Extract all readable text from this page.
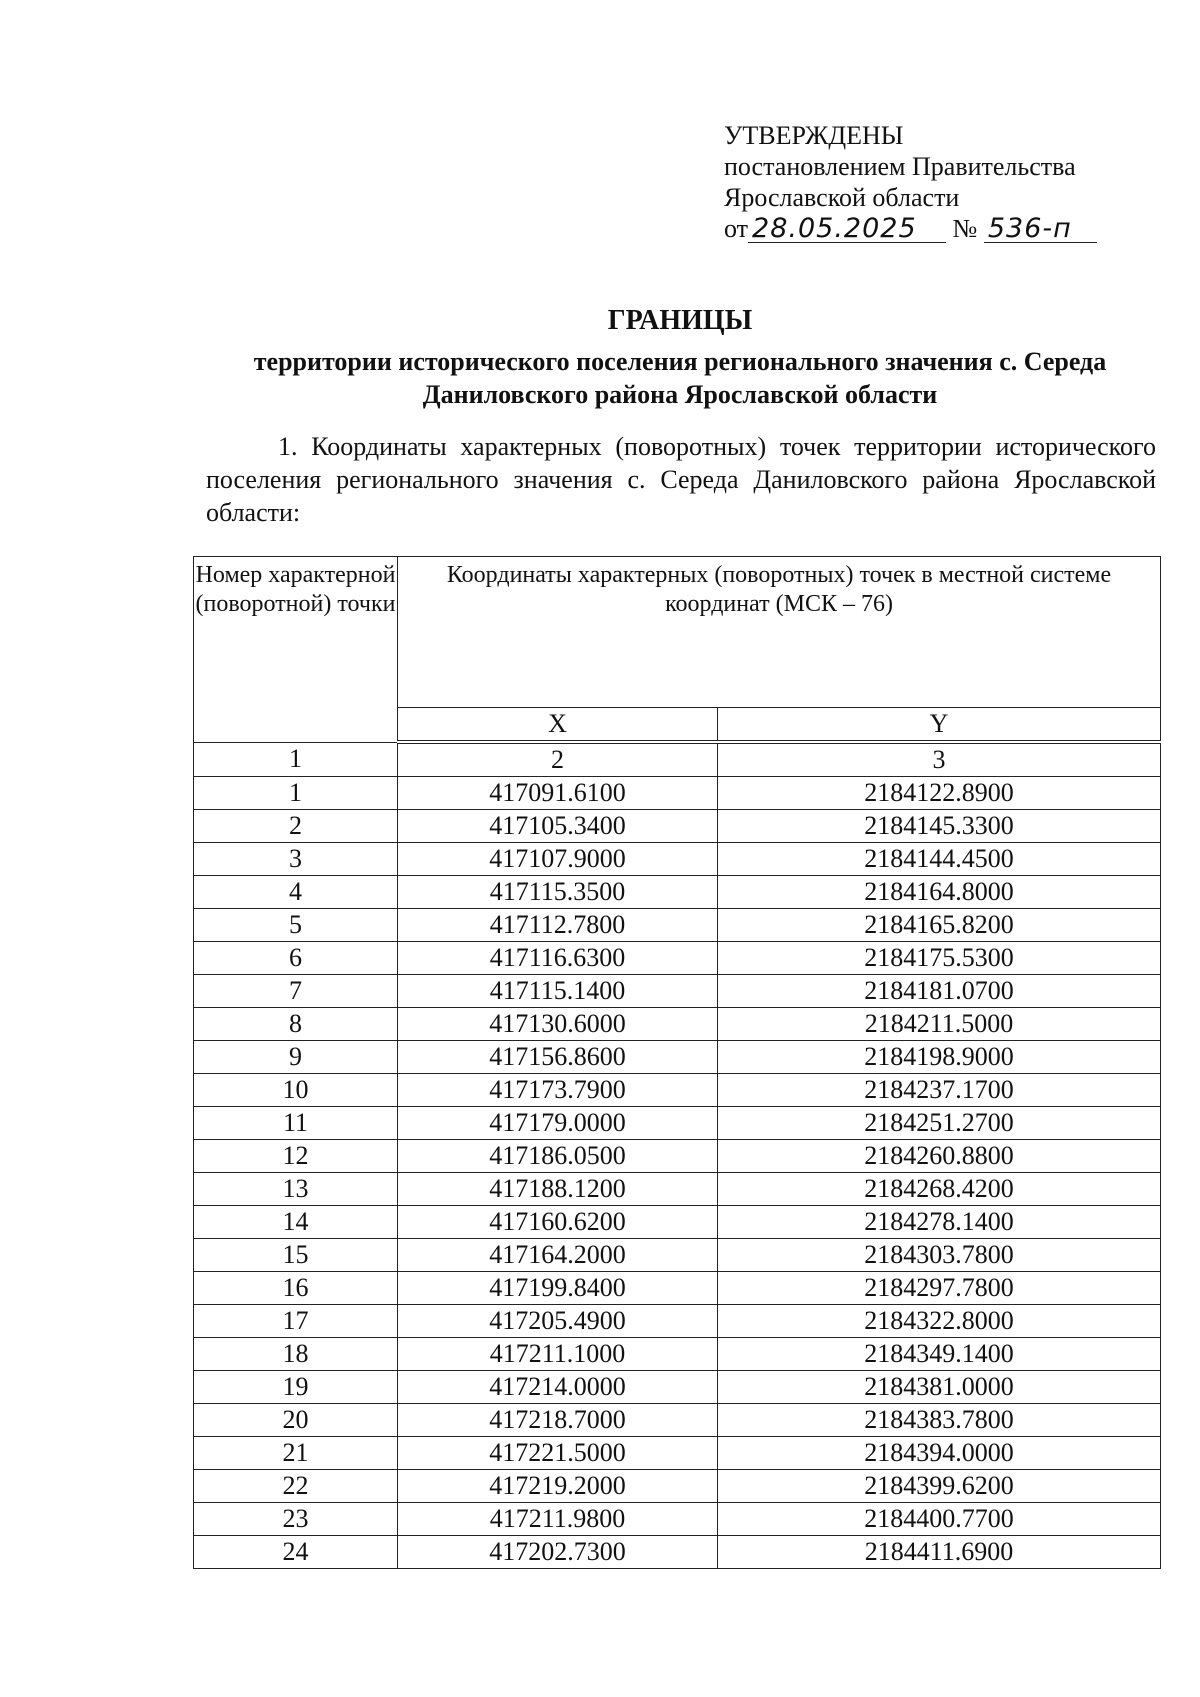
УТВЕРЖДЕНЫ
постановлением Правительства
Ярославской области
от 28.05.2025 № 536-п
ГРАНИЦЫ
территории исторического поселения регионального значения с. Середа
Даниловского района Ярославской области
1. Координаты характерных (поворотных) точек территории исторического поселения регионального значения с. Середа Даниловского района Ярославской области:
Номер характерной (поворотной) точки	Координаты характерных (поворотных) точек в местной системе координат (МСК – 76)	
	X	Y
1	2	3
1	417091.6100	2184122.8900
2	417105.3400	2184145.3300
3	417107.9000	2184144.4500
4	417115.3500	2184164.8000
5	417112.7800	2184165.8200
6	417116.6300	2184175.5300
7	417115.1400	2184181.0700
8	417130.6000	2184211.5000
9	417156.8600	2184198.9000
10	417173.7900	2184237.1700
11	417179.0000	2184251.2700
12	417186.0500	2184260.8800
13	417188.1200	2184268.4200
14	417160.6200	2184278.1400
15	417164.2000	2184303.7800
16	417199.8400	2184297.7800
17	417205.4900	2184322.8000
18	417211.1000	2184349.1400
19	417214.0000	2184381.0000
20	417218.7000	2184383.7800
21	417221.5000	2184394.0000
22	417219.2000	2184399.6200
23	417211.9800	2184400.7700
24	417202.7300	2184411.6900
